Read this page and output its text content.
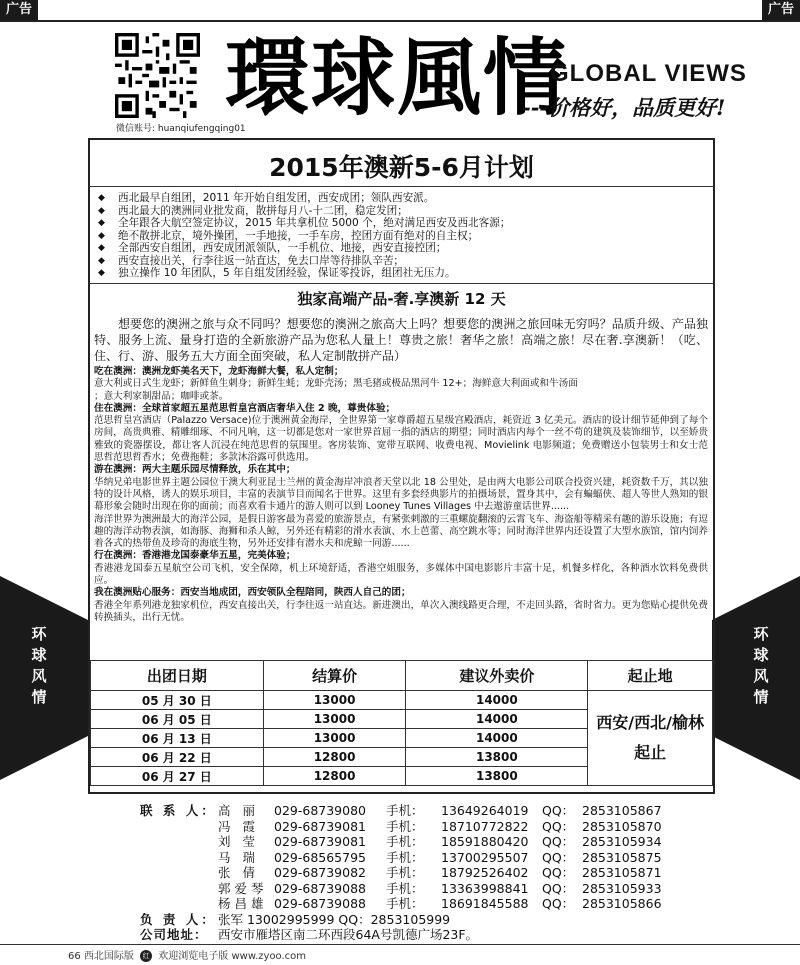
广告	广告
微信账号: huanqiufengqing01
環球風情
GLOBAL VIEWS
---价格好，品质更好!
环球风情
环球风情
2015年澳新5-6月计划
◆ 西北最早自组团，2011 年开始自组发团，西安成团；领队西安派。
◆ 西北最大的澳洲同业批发商，散拼每月八-十二团，稳定发团；
◆ 全年跟各大航空签定协议，2015 年共拿机位 5000 个，绝对满足西安及西北客源；
◆ 绝不散拼北京，境外操团，一手地接，一手车房，控团方面有绝对的自主权；
◆ 全部西安自组团，西安成团派领队，一手机位、地接，西安直接控团；
◆ 西安直接出关，行李往返一站直达，免去口岸等待排队辛苦；
◆ 独立操作 10 年团队，5 年自组发团经验，保证零投诉，组团社无压力。
独家高端产品-奢.享澳新 12 天
想要您的澳洲之旅与众不同吗？想要您的澳洲之旅高大上吗？想要您的澳洲之旅回味无穷吗？品质升级、产品独特、服务上流、量身打造的全新旅游产品为您私人量上！尊贵之旅！奢华之旅！高端之旅！尽在奢.享澳新！（吃、住、行、游、服务五大方面全面突破，私人定制散拼产品）

吃在澳洲：澳洲龙虾美名天下，龙虾海鲜大餐，私人定制；

意大利或日式生龙虾；新鲜鱼生刺身；新鲜生蚝；龙虾壳汤；黑毛猪或极品黑河牛 12+；海鲜意大利面或和牛汤面

；意大利家制甜品；咖啡或茶。

住在澳洲：全球首家超五星范思哲皇宫酒店奢华入住 2 晚，尊贵体验；

范思哲皇宫酒店（Palazzo Versace)位于澳洲黄金海岸，全世界第一家尊爵超五星级宫殿酒店，耗资近 3 亿美元。酒店的设计细节延伸到了每个房间，高贵典雅、精雕细琢、不同凡响，这一切都是您对一家世界首屈一指的酒店的期望；同时酒店内每个一丝不苟的建筑及装饰细节，以至娇贵雅致的瓷器摆设，都让客人沉浸在纯范思哲的氛围里。客房装饰、宽带互联网、收费电视、Movielink 电影频道；免费赠送小包装男士和女士范思哲范思哲香水；免费拖鞋；多款沐浴露可供选用。

游在澳洲：两大主题乐园尽情释放，乐在其中；

华纳兄弟电影世界主题公园位于澳大利亚昆士兰州的黄金海岸冲浪者天堂以北 18 公里处，是由两大电影公司联合投资兴建，耗资数千万，其以独特的设计风格，诱人的娱乐项目，丰富的表演节目而闻名于世界。这里有多套经典影片的拍摄场景，置身其中，会有蝙蝠侠、超人等世人熟知的银幕形象会随时出现在你的面前；而喜欢看卡通片的游人则可以到 Looney Tunes Villages 中去遨游童话世界......

海洋世界为澳洲最大的海洋公园，是假日游客最为喜爱的旅游景点，有紧张刺激的三重螺旋翻滚的云霄飞车、海盗船等精采有趣的游乐设施；有逗趣的海洋动物表演，如海豚、海狮和杀人鲸，另外还有精彩的滑水表演、水上芭蕾、高空跳水等；同时海洋世界内还设置了大型水族馆，馆内饲养着各式的热带鱼及珍奇的海底生物，另外还安排有潜水夫和虎鲸一同游......

行在澳洲：香港港龙国泰豪华五星，完美体验；

香港港龙国泰五星航空公司飞机，安全保障，机上环境舒适，香港空姐服务，多媒体中国电影影片丰富十足，机餐多样化，各种酒水饮料免费供应。

我在澳洲贴心服务：西安当地成团，西安领队全程陪同，陕西人自己的团；

香港全年系列港龙独家机位，西安直接出关，行李往返一站直达。新进澳出，单次入澳线路更合理，不走回头路，省时省力。更为您贴心提供免费转换插头，出行无忧。

出团日期	结算价	建议外卖价	起止地
05 月 30 日	13000	14000	西安/西北/榆林
起止

06 月 05 日	13000	14000	
06 月 13 日	13000	14000	
06 月 22 日	12800	13800	
06 月 27 日	12800	13800	
联 系 人： 高 丽 029-68739080 手机： 13649264019 QQ： 2853105867
冯 霞 029-68739081 手机： 18710772822 QQ： 2853105870
刘 莹 029-68739081 手机： 18591880420 QQ： 2853105934
马 瑞 029-68565795 手机： 13700295507 QQ： 2853105875
张 倩 029-68739082 手机： 18792526402 QQ： 2853105871
郭爱琴 029-68739088 手机： 13363998841 QQ： 2853105933
杨昌雄 029-68739088 手机： 18691845588 QQ： 2853105866
负 责 人： 张军 13002995999 QQ：2853105999
公司地址： 西安市雁塔区南二环西段64A号凯德广场23F。
66 西北国际版 红 欢迎浏览电子版 www.zyoo.com
